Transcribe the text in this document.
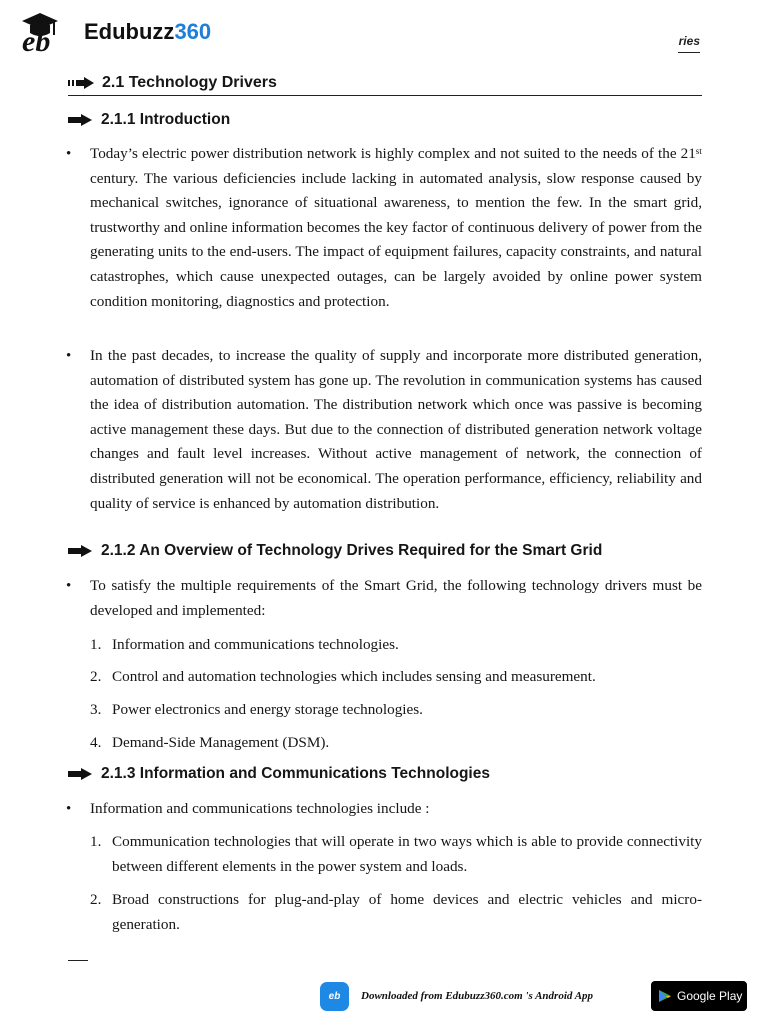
eb Edubuzz360	ries
2.1 Technology Drivers
2.1.1 Introduction

• Today’s electric power distribution network is highly complex and not suited to the needs of the 21ˢᵗ century. The various deficiencies include lacking in automated analysis, slow response caused by mechanical switches, ignorance of situational awareness, to mention the few. In the smart grid, trustworthy and online information becomes the key factor of continuous delivery of power from the generating units to the end-users. The impact of equipment failures, capacity constraints, and natural catastrophes, which cause unexpected outages, can be largely avoided by online power system condition monitoring, diagnostics and protection.

• In the past decades, to increase the quality of supply and incorporate more distributed generation, automation of distributed system has gone up. The revolution in communication systems has caused the idea of distribution automation. The distribution network which once was passive is becoming active management these days. But due to the connection of distributed generation network voltage changes and fault level increases. Without active management of network, the connection of distributed generation will not be economical. The operation performance, efficiency, reliability and quality of service is enhanced by automation distribution.

2.1.2 An Overview of Technology Drives Required for the Smart Grid

• To satisfy the multiple requirements of the Smart Grid, the following technology drivers must be developed and implemented:

1. Information and communications technologies.
2. Control and automation technologies which includes sensing and measurement.
3. Power electronics and energy storage technologies.
4. Demand-Side Management (DSM).
2.1.3 Information and Communications Technologies

• Information and communications technologies include :

1. Communication technologies that will operate in two ways which is able to provide connectivity between different elements in the power system and loads.
2. Broad constructions for plug-and-play of home devices and electric vehicles and micro-generation.
eb	Downloaded from Edubuzz360.com 's Android App	Google Play
